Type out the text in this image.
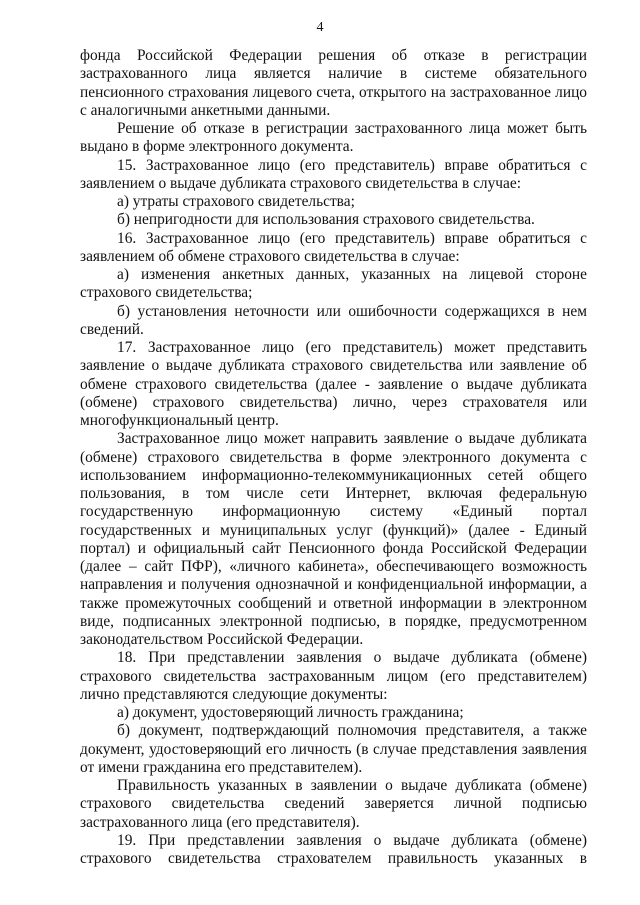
4

фонда Российской Федерации решения об отказе в регистрации застрахованного лица является наличие в системе обязательного пенсионного страхования лицевого счета, открытого на застрахованное лицо с аналогичными анкетными данными.

Решение об отказе в регистрации застрахованного лица может быть выдано в форме электронного документа.

15. Застрахованное лицо (его представитель) вправе обратиться с заявлением о выдаче дубликата страхового свидетельства в случае:

а) утраты страхового свидетельства;

б) непригодности для использования страхового свидетельства.

16. Застрахованное лицо (его представитель) вправе обратиться с заявлением об обмене страхового свидетельства в случае:

а) изменения анкетных данных, указанных на лицевой стороне страхового свидетельства;

б) установления неточности или ошибочности содержащихся в нем сведений.

17. Застрахованное лицо (его представитель) может представить заявление о выдаче дубликата страхового свидетельства или заявление об обмене страхового свидетельства (далее - заявление о выдаче дубликата (обмене) страхового свидетельства) лично, через страхователя или многофункциональный центр.

Застрахованное лицо может направить заявление о выдаче дубликата (обмене) страхового свидетельства в форме электронного документа с использованием информационно-телекоммуникационных сетей общего пользования, в том числе сети Интернет, включая федеральную государственную информационную систему «Единый портал государственных и муниципальных услуг (функций)» (далее - Единый портал) и официальный сайт Пенсионного фонда Российской Федерации (далее – сайт ПФР), «личного кабинета», обеспечивающего возможность направления и получения однозначной и конфиденциальной информации, а также промежуточных сообщений и ответной информации в электронном виде, подписанных электронной подписью, в порядке, предусмотренном законодательством Российской Федерации.

18. При представлении заявления о выдаче дубликата (обмене) страхового свидетельства застрахованным лицом (его представителем) лично представляются следующие документы:

а) документ, удостоверяющий личность гражданина;

б) документ, подтверждающий полномочия представителя, а также документ, удостоверяющий его личность (в случае представления заявления от имени гражданина его представителем).

Правильность указанных в заявлении о выдаче дубликата (обмене) страхового свидетельства сведений заверяется личной подписью застрахованного лица (его представителя).

19. При представлении заявления о выдаче дубликата (обмене) страхового свидетельства страхователем правильность указанных в
